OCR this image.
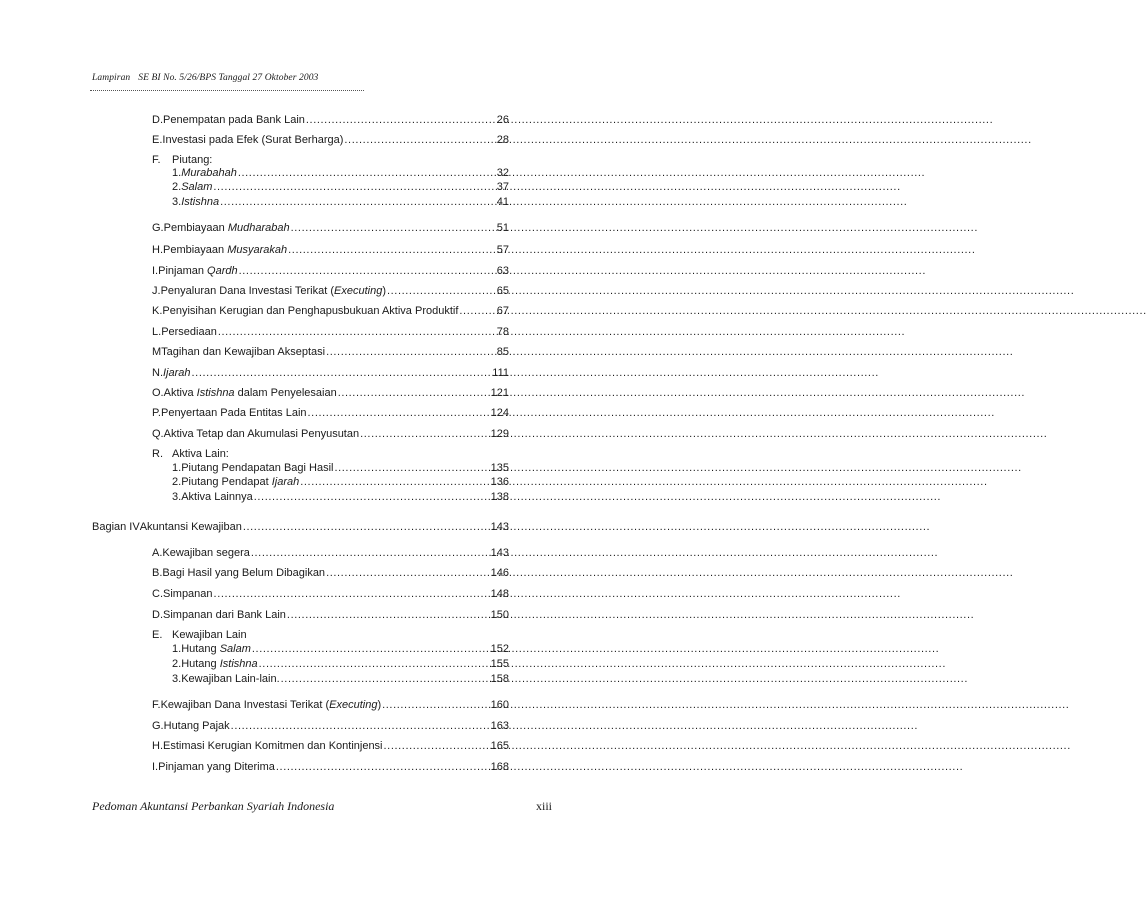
Lampiran SE BI No. 5/26/BPS Tanggal 27 Oktober 2003
26
D. Penempatan pada Bank Lain
.....
28
E. Investasi pada Efek (Surat Berharga)
.....
F.	Piutang:
32
1. Murabahah
.....
37
2. Salam
.....
41
3. Istishna
.....
51
G. Pembiayaan Mudharabah
.....
57
H. Pembiayaan Musyarakah
.....
63
I. Pinjaman Qardh
.....
65
J. Penyaluran Dana Investasi Terikat (Executing)
.....
67
K. Penyisihan Kerugian dan Penghapusbukuan Aktiva Produktif
.....
78
L. Persediaan
.....
85
M Tagihan dan Kewajiban Akseptasi
.....
111
N. Ijarah
.....
121
O. Aktiva Istishna dalam Penyelesaian
.....
124
P. Penyertaan Pada Entitas Lain
.....
129
Q. Aktiva Tetap dan Akumulasi Penyusutan
.....
R. Aktiva Lain:
135
1. Piutang Pendapatan Bagi Hasil
.....
136
2. Piutang Pendapat Ijarah
.....
138
3. Aktiva Lainnya
.....
143
Bagian IV Akuntansi Kewajiban
.....
143
A. Kewajiban segera
.....
146
B. Bagi Hasil yang Belum Dibagikan
.....
148
C. Simpanan
.....
150
D. Simpanan dari Bank Lain
.....
E. Kewajiban Lain
152
1. Hutang Salam
.....
155
2. Hutang Istishna
.....
158
3. Kewajiban Lain-lain.
.....
160
F. Kewajiban Dana Investasi Terikat (Executing)
.....
163
G. Hutang Pajak
.....
165
H. Estimasi Kerugian Komitmen dan Kontinjensi
.....
168
I. Pinjaman yang Diterima
.....
Pedoman Akuntansi Perbankan Syariah Indonesia	xiii
